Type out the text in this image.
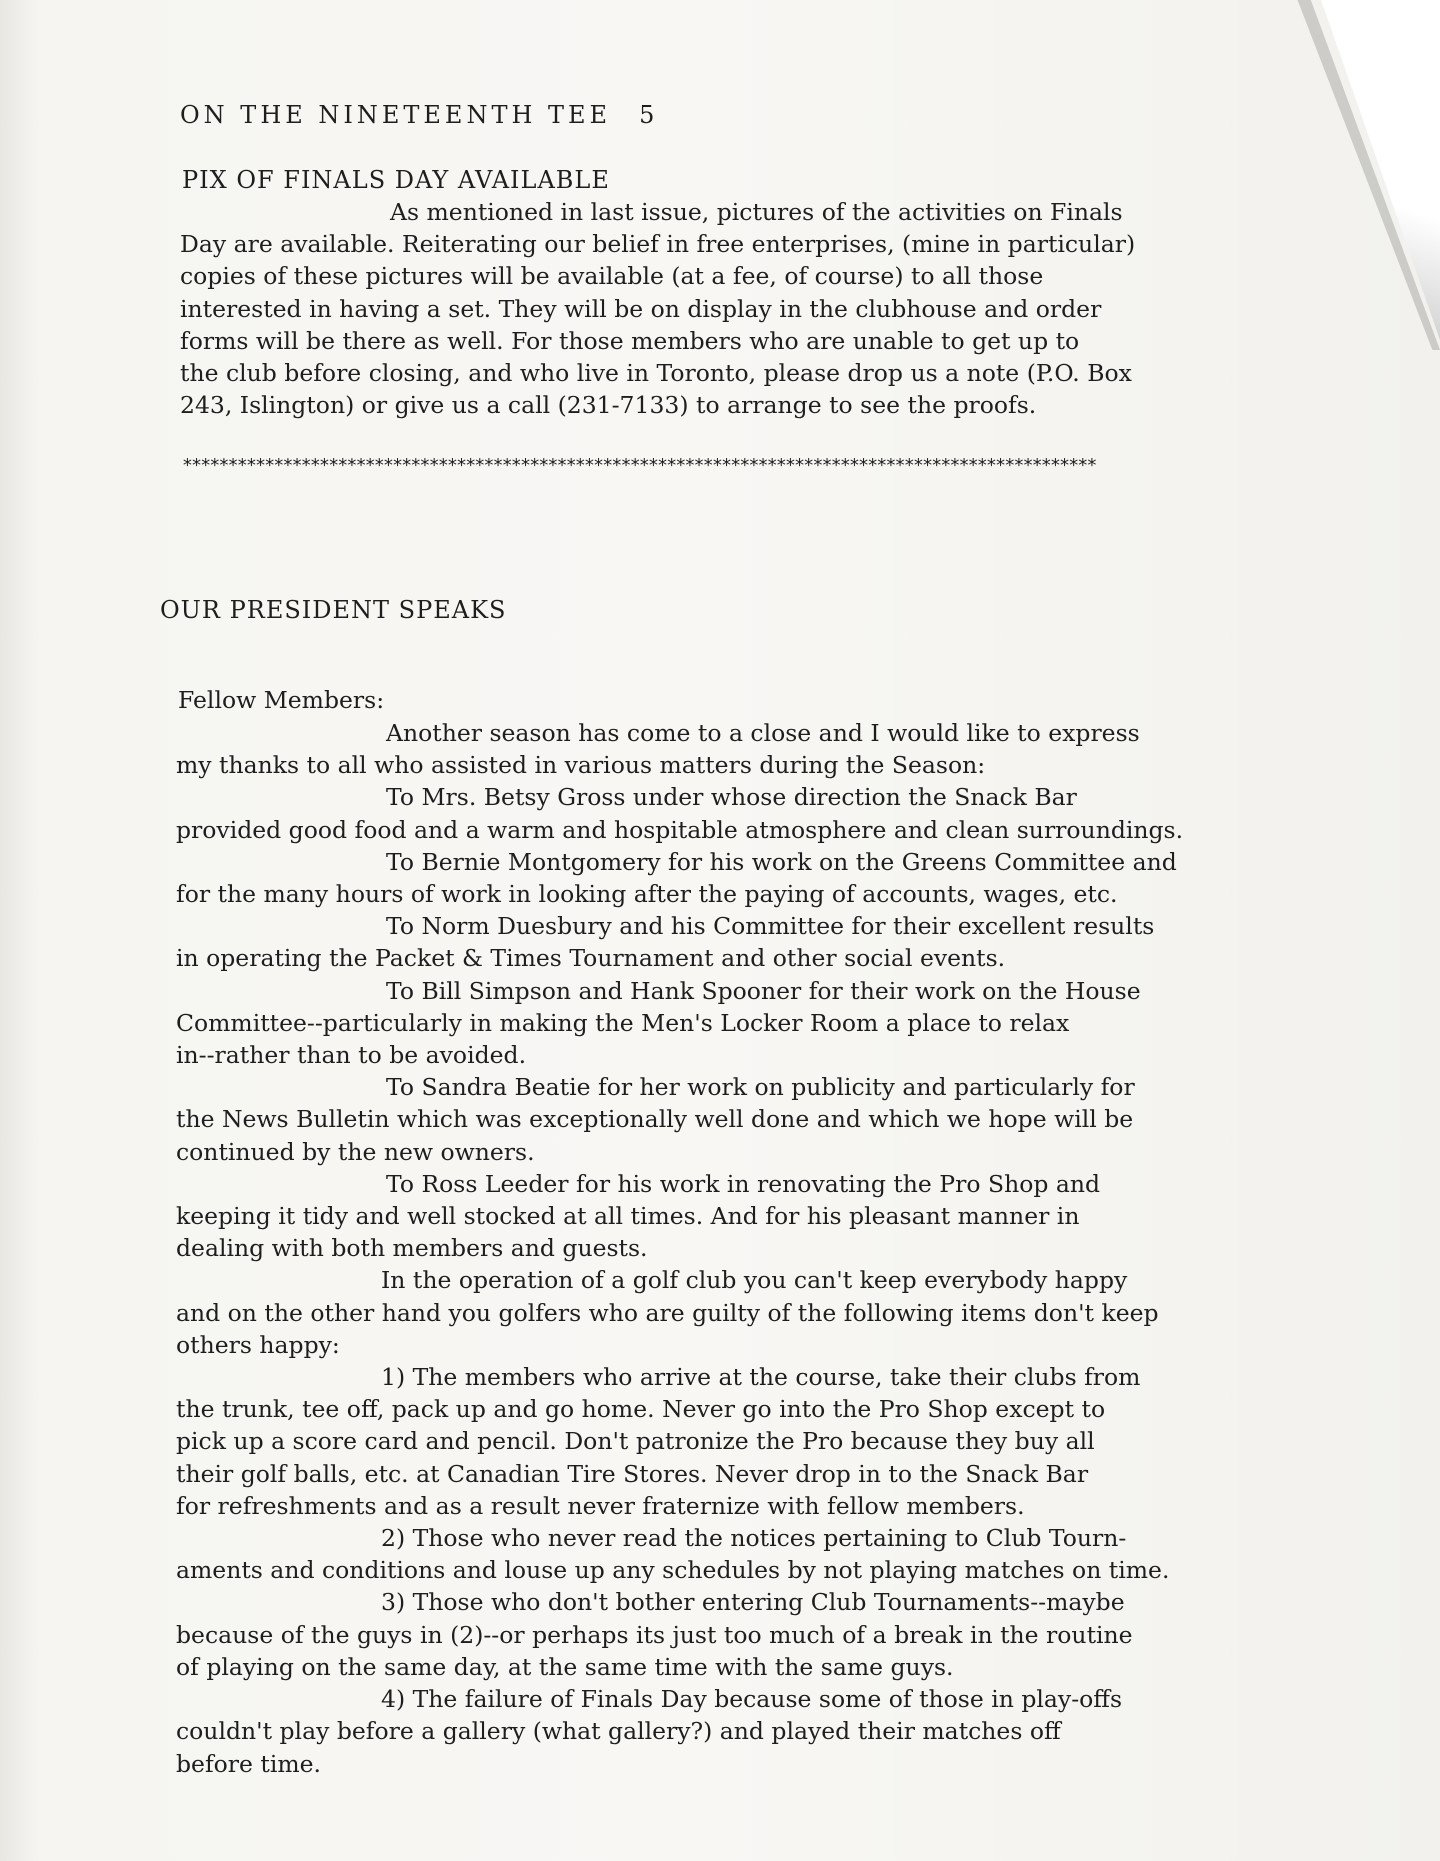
ON THE NINETEENTH TEE 5
PIX OF FINALS DAY AVAILABLE
As mentioned in last issue, pictures of the activities on Finals
Day are available. Reiterating our belief in free enterprises, (mine in particular)
copies of these pictures will be available (at a fee, of course) to all those
interested in having a set. They will be on display in the clubhouse and order
forms will be there as well. For those members who are unable to get up to
the club before closing, and who live in Toronto, please drop us a note (P.O. Box
243, Islington) or give us a call (231-7133) to arrange to see the proofs.
****************************************************************************************************
OUR PRESIDENT SPEAKS
Fellow Members:
Another season has come to a close and I would like to express
my thanks to all who assisted in various matters during the Season:
To Mrs. Betsy Gross under whose direction the Snack Bar
provided good food and a warm and hospitable atmosphere and clean surroundings.
To Bernie Montgomery for his work on the Greens Committee and
for the many hours of work in looking after the paying of accounts, wages, etc.
To Norm Duesbury and his Committee for their excellent results
in operating the Packet & Times Tournament and other social events.
To Bill Simpson and Hank Spooner for their work on the House
Committee--particularly in making the Men's Locker Room a place to relax
in--rather than to be avoided.
To Sandra Beatie for her work on publicity and particularly for
the News Bulletin which was exceptionally well done and which we hope will be
continued by the new owners.
To Ross Leeder for his work in renovating the Pro Shop and
keeping it tidy and well stocked at all times. And for his pleasant manner in
dealing with both members and guests.
In the operation of a golf club you can't keep everybody happy
and on the other hand you golfers who are guilty of the following items don't keep
others happy:
1) The members who arrive at the course, take their clubs from
the trunk, tee off, pack up and go home. Never go into the Pro Shop except to
pick up a score card and pencil. Don't patronize the Pro because they buy all
their golf balls, etc. at Canadian Tire Stores. Never drop in to the Snack Bar
for refreshments and as a result never fraternize with fellow members.
2) Those who never read the notices pertaining to Club Tourn-
aments and conditions and louse up any schedules by not playing matches on time.
3) Those who don't bother entering Club Tournaments--maybe
because of the guys in (2)--or perhaps its just too much of a break in the routine
of playing on the same day, at the same time with the same guys.
4) The failure of Finals Day because some of those in play-offs
couldn't play before a gallery (what gallery?) and played their matches off
before time.
